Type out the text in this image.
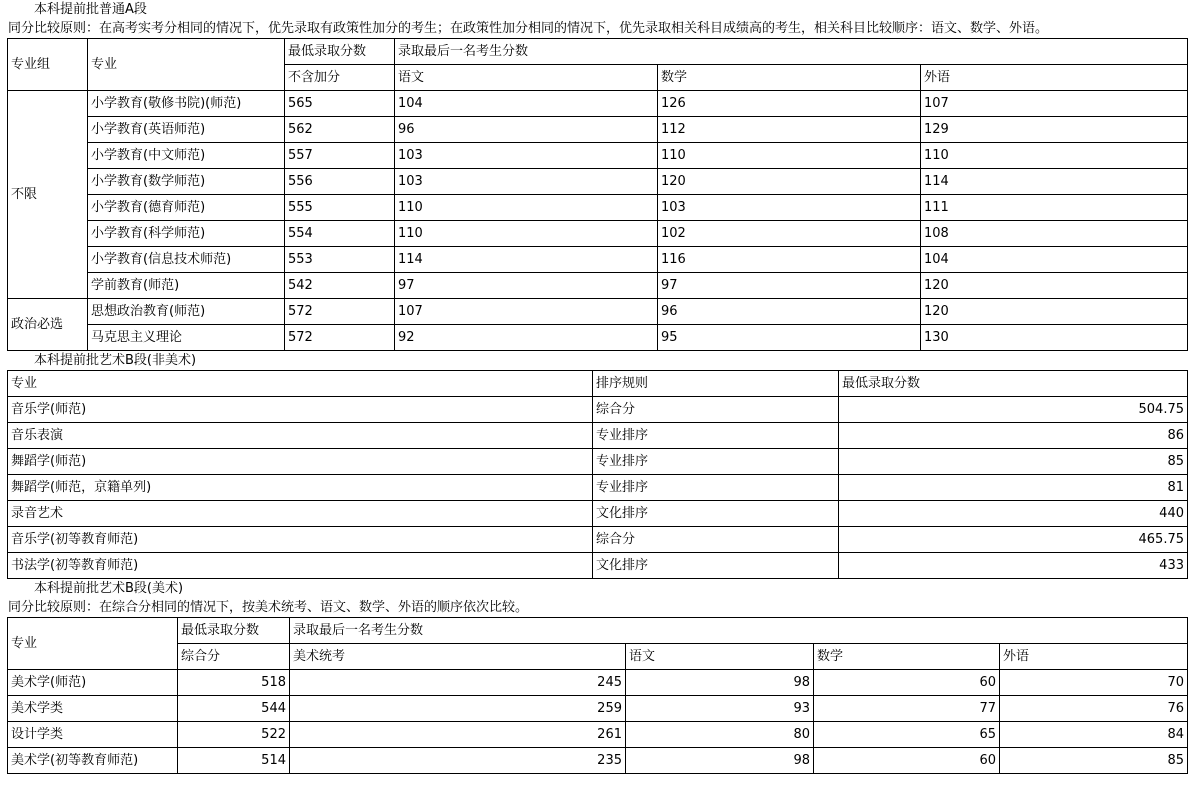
本科提前批普通A段
同分比较原则：在高考实考分相同的情况下，优先录取有政策性加分的考生；在政策性加分相同的情况下，优先录取相关科目成绩高的考生，相关科目比较顺序：语文、数学、外语。
专业组	专业	最低录取分数	录取最后一名考生分数		
		不含加分	语文	数学	外语
不限	小学教育(敬修书院)(师范)	565	104	126	107
	小学教育(英语师范)	562	96	112	129
	小学教育(中文师范)	557	103	110	110
	小学教育(数学师范)	556	103	120	114
	小学教育(德育师范)	555	110	103	111
	小学教育(科学师范)	554	110	102	108
	小学教育(信息技术师范)	553	114	116	104
	学前教育(师范)	542	97	97	120
政治必选	思想政治教育(师范)	572	107	96	120
	马克思主义理论	572	92	95	130
本科提前批艺术B段(非美术)
专业	排序规则	最低录取分数
音乐学(师范)	综合分	504.75
音乐表演	专业排序	86
舞蹈学(师范)	专业排序	85
舞蹈学(师范，京籍单列)	专业排序	81
录音艺术	文化排序	440
音乐学(初等教育师范)	综合分	465.75
书法学(初等教育师范)	文化排序	433
本科提前批艺术B段(美术)
同分比较原则：在综合分相同的情况下，按美术统考、语文、数学、外语的顺序依次比较。
专业	最低录取分数	录取最后一名考生分数			
	综合分	美术统考	语文	数学	外语
美术学(师范)	518	245	98	60	70
美术学类	544	259	93	77	76
设计学类	522	261	80	65	84
美术学(初等教育师范)	514	235	98	60	85
